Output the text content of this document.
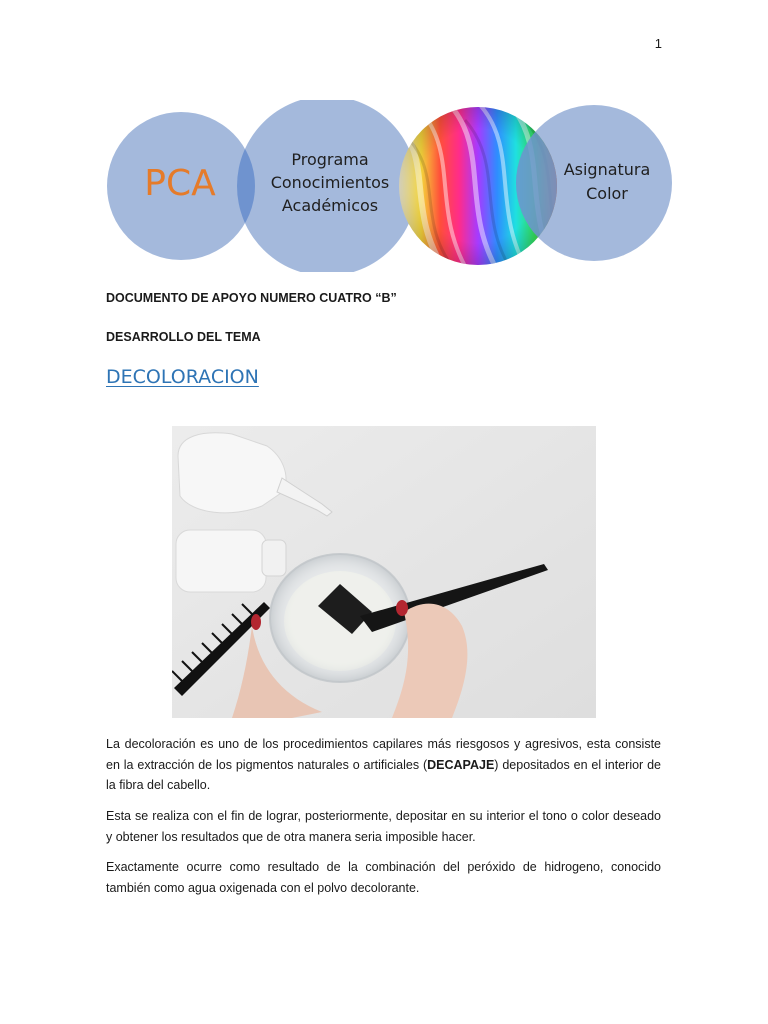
1
PCA
Programa
Conocimientos
Académicos
Asignatura
Color
DOCUMENTO DE APOYO NUMERO CUATRO “B”
DESARROLLO DEL TEMA
DECOLORACION

La decoloración es uno de los procedimientos capilares más riesgosos y agresivos, esta consiste en la extracción de los pigmentos naturales o artificiales (DECAPAJE) depositados en el interior de la fibra del cabello.

Esta se realiza con el fin de lograr, posteriormente, depositar en su interior el tono o color deseado y obtener los resultados que de otra manera seria imposible hacer.

Exactamente ocurre como resultado de la combinación del peróxido de hidrogeno, conocido también como agua oxigenada con el polvo decolorante.
